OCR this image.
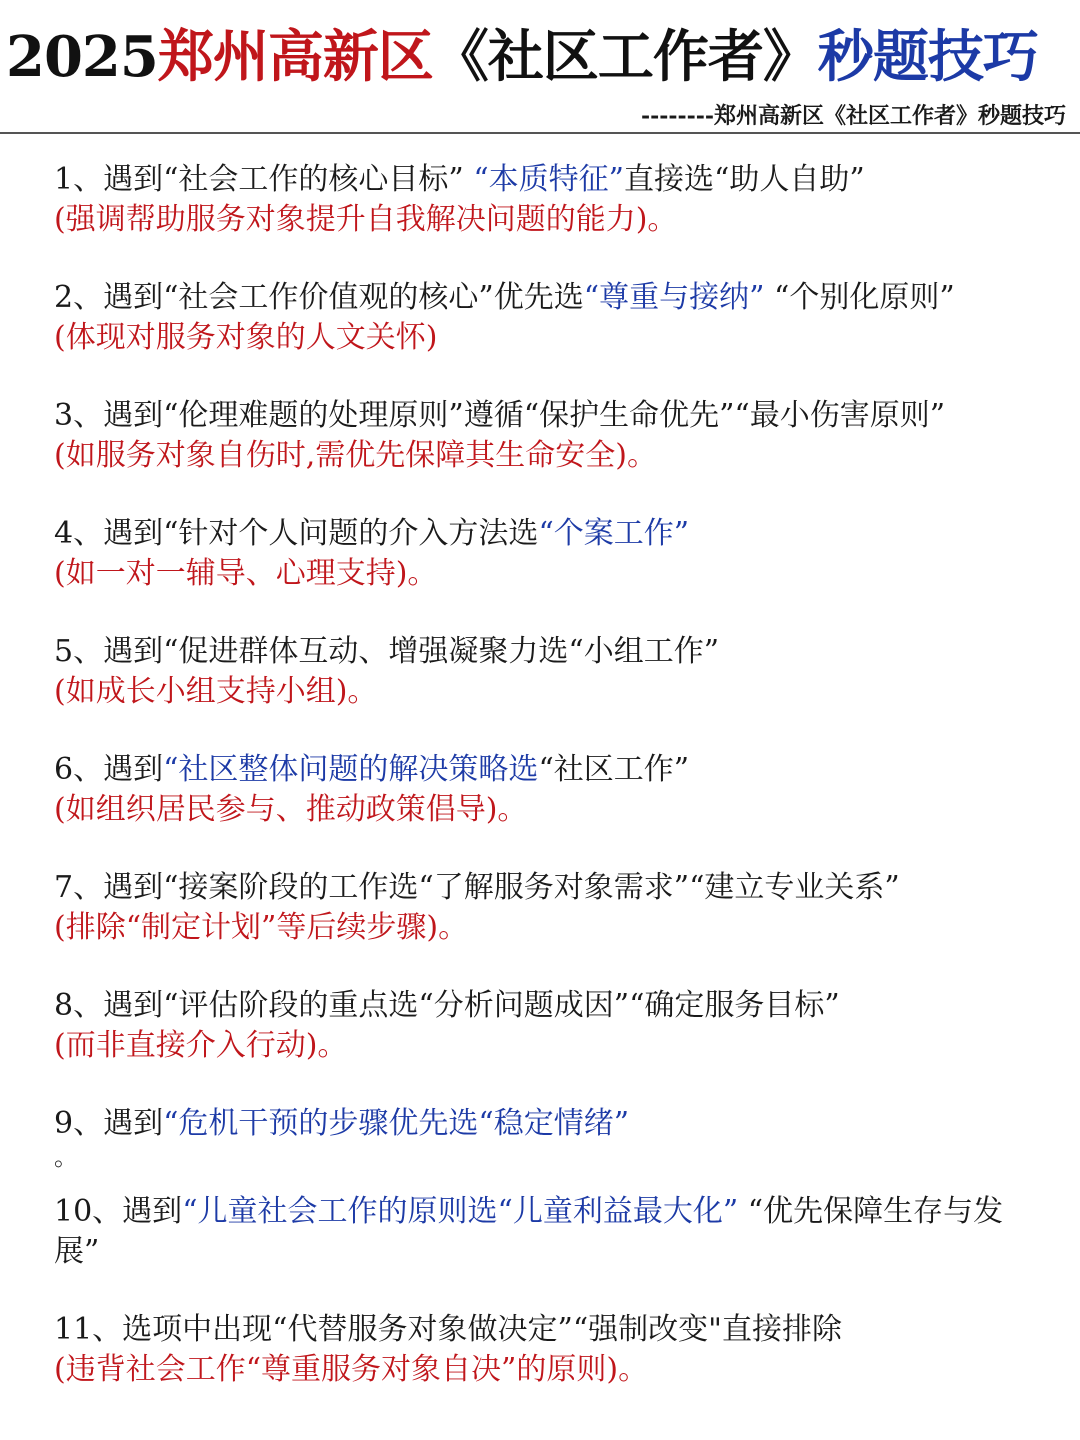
2025郑州高新区《社区工作者》秒题技巧
--------郑州高新区《社区工作者》秒题技巧
1、遇到“社会工作的核心目标” “本质特征”直接选“助人自助”
(强调帮助服务对象提升自我解决问题的能力)。
2、遇到“社会工作价值观的核心”优先选“尊重与接纳” “个别化原则”
(体现对服务对象的人文关怀)
3、遇到“伦理难题的处理原则”遵循“保护生命优先”“最小伤害原则”
(如服务对象自伤时,需优先保障其生命安全)。
4、遇到“针对个人问题的介入方法选“个案工作”
(如一对一辅导、心理支持)。
5、遇到“促进群体互动、增强凝聚力选“小组工作”
(如成长小组支持小组)。
6、遇到“社区整体问题的解决策略选“社区工作”
(如组织居民参与、推动政策倡导)。
7、遇到“接案阶段的工作选“了解服务对象需求”“建立专业关系”
(排除“制定计划”等后续步骤)。
8、遇到“评估阶段的重点选“分析问题成因”“确定服务目标”
(而非直接介入行动)。
9、遇到“危机干预的步骤优先选“稳定情绪”
。
10、遇到“儿童社会工作的原则选“儿童利益最大化” “优先保障生存与发展”
11、选项中出现“代替服务对象做决定”“强制改变"直接排除
(违背社会工作“尊重服务对象自决”的原则)。
